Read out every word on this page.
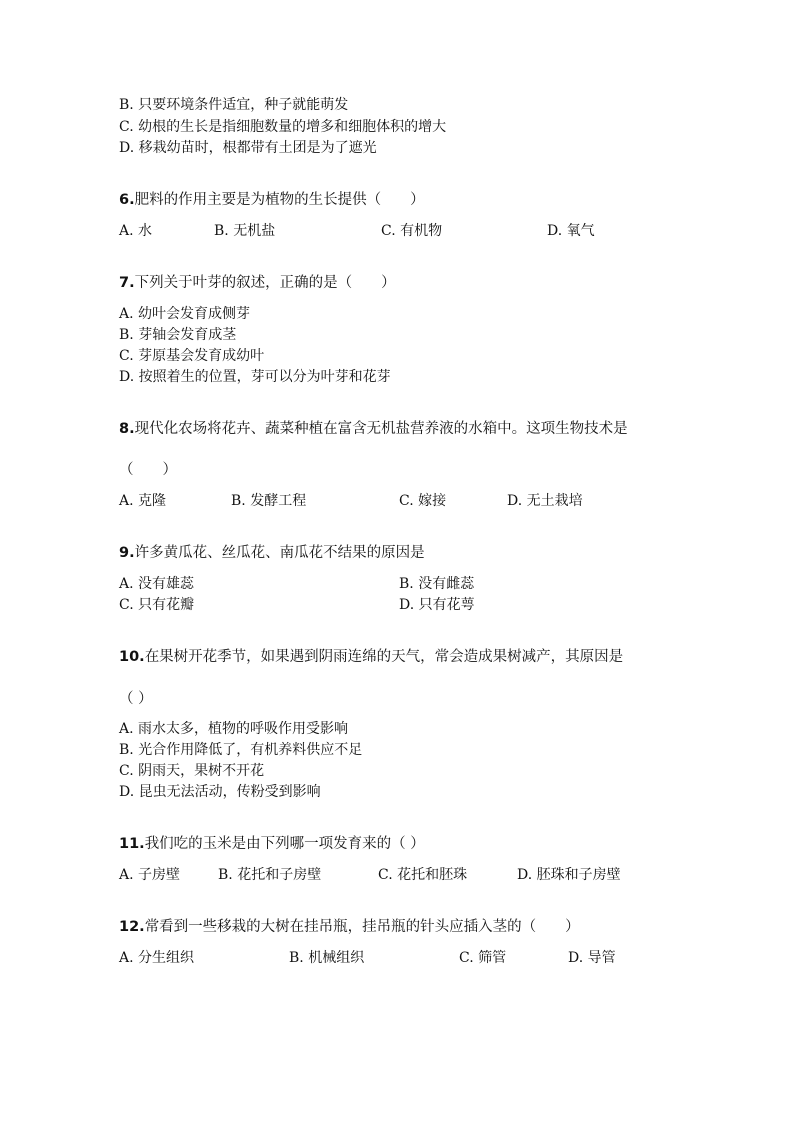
B. 只要环境条件适宜，种子就能萌发
C. 幼根的生长是指细胞数量的增多和细胞体积的增大
D. 移栽幼苗时，根都带有土团是为了遮光
6.肥料的作用主要是为植物的生长提供（　　）
A. 水	B. 无机盐	C. 有机物	D. 氧气
7.下列关于叶芽的叙述，正确的是（　　）
A. 幼叶会发育成侧芽
B. 芽轴会发育成茎
C. 芽原基会发育成幼叶
D. 按照着生的位置，芽可以分为叶芽和花芽
8.现代化农场将花卉、蔬菜种植在富含无机盐营养液的水箱中。这项生物技术是
（　　）
A. 克隆	B. 发酵工程	C. 嫁接	D. 无土栽培
9.许多黄瓜花、丝瓜花、南瓜花不结果的原因是
A. 没有雄蕊	B. 没有雌蕊
C. 只有花瓣	D. 只有花萼
10.在果树开花季节，如果遇到阴雨连绵的天气，常会造成果树减产，其原因是
（ ）
A. 雨水太多，植物的呼吸作用受影响
B. 光合作用降低了，有机养料供应不足
C. 阴雨天，果树不开花
D. 昆虫无法活动，传粉受到影响
11.我们吃的玉米是由下列哪一项发育来的（ ）
A. 子房壁	B. 花托和子房壁	C. 花托和胚珠	D. 胚珠和子房壁
12.常看到一些移栽的大树在挂吊瓶，挂吊瓶的针头应插入茎的（　　）
A. 分生组织	B. 机械组织	C. 筛管	D. 导管
